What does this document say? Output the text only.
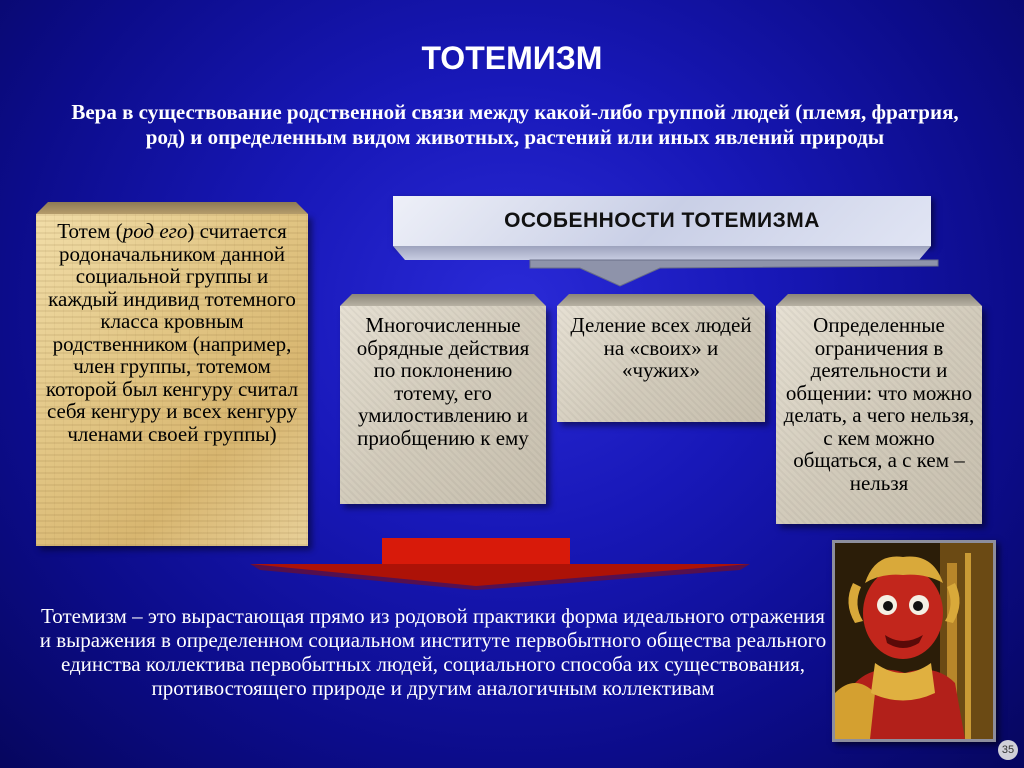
ТОТЕМИЗМ
Вера в существование родственной связи между какой-либо группой людей (племя, фратрия, род) и определенным видом животных, растений или иных явлений природы
Тотем (род его) считается родоначальником данной социальной группы и каждый индивид тотемного класса кровным родственником (например, член группы, тотемом которой был кенгуру считал себя кенгуру и всех кенгуру членами своей группы)
ОСОБЕННОСТИ ТОТЕМИЗМА
Многочисленные обрядные действия по поклонению тотему, его умилостивлению и приобщению к ему
Деление всех людей на «своих» и «чужих»
Определенные ограничения в деятельности и общении: что можно делать, а чего нельзя, с кем можно общаться, а с кем – нельзя
Тотемизм – это вырастающая прямо из родовой практики форма идеального отражения и выражения в определенном социальном институте первобытного общества реального единства коллектива первобытных людей, социального способа их существования, противостоящего природе и другим аналогичным коллективам
35
